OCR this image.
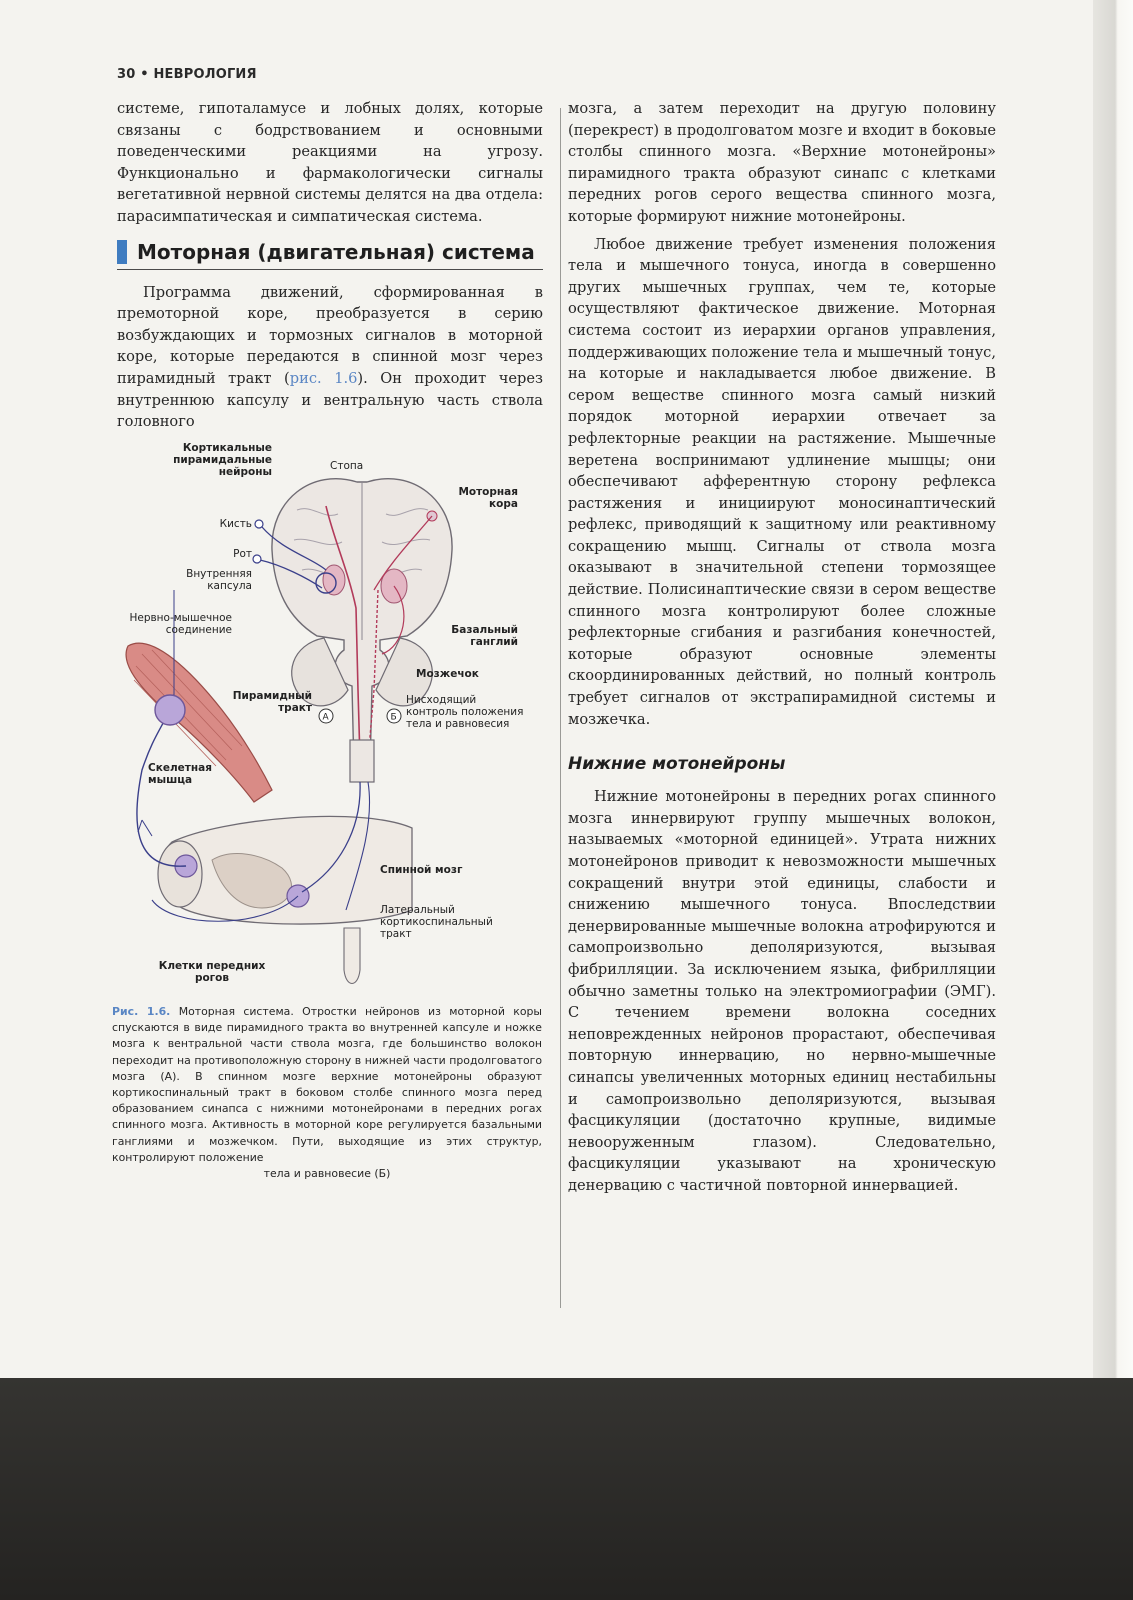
30 • НЕВРОЛОГИЯ

системе, гипоталамусе и лобных долях, которые связаны с бодрствованием и основными поведенческими реакциями на угрозу. Функционально и фармакологически сигналы вегетативной нервной системы делятся на два отдела: парасимпатическая и симпатическая система.

Моторная (двигательная) система

Программа движений, сформированная в премоторной коре, преобразуется в серию возбуждающих и тормозных сигналов в моторной коре, которые передаются в спинной мозг через пирамидный тракт (рис. 1.6). Он проходит через внутреннюю капсулу и вентральную часть ствола головного

А	Б
Кортикальные пирамидальные нейроны	Стопа
Моторная кора
Кисть
Рот
Внутренняя капсула
Нервно-мышечное соединение	Базальный ганглий
Мозжечок
Пирамидный тракт
Нисходящий контроль положения тела и равновесия
Скелетная мышца
Спинной мозг
Латеральный кортикоспинальный тракт
Клетки передних рогов
Рис. 1.6. Моторная система. Отростки нейронов из моторной коры спускаются в виде пирамидного тракта во внутренней капсуле и ножке мозга к вентральной части ствола мозга, где большинство волокон переходит на противоположную сторону в нижней части продолговатого мозга (А). В спинном мозге верхние мотонейроны образуют кортикоспинальный тракт в боковом столбе спинного мозга перед образованием синапса с нижними мотонейронами в передних рогах спинного мозга. Активность в моторной коре регулируется базальными ганглиями и мозжечком. Пути, выходящие из этих структур, контролируют положение
тела и равновесие (Б)

мозга, а затем переходит на другую половину (перекрест) в продолговатом мозге и входит в боковые столбы спинного мозга. «Верхние мотонейроны» пирамидного тракта образуют синапс с клетками передних рогов серого вещества спинного мозга, которые формируют нижние мотонейроны.

Любое движение требует изменения положения тела и мышечного тонуса, иногда в совершенно других мышечных группах, чем те, которые осуществляют фактическое движение. Моторная система состоит из иерархии органов управления, поддерживающих положение тела и мышечный тонус, на которые и накладывается любое движение. В сером веществе спинного мозга самый низкий порядок моторной иерархии отвечает за рефлекторные реакции на растяжение. Мышечные веретена воспринимают удлинение мышцы; они обеспечивают афферентную сторону рефлекса растяжения и инициируют моносинаптический рефлекс, приводящий к защитному или реактивному сокращению мышц. Сигналы от ствола мозга оказывают в значительной степени тормозящее действие. Полисинаптические связи в сером веществе спинного мозга контролируют более сложные рефлекторные сгибания и разгибания конечностей, которые образуют основные элементы скоординированных действий, но полный контроль требует сигналов от экстрапирамидной системы и мозжечка.

Нижние мотонейроны

Нижние мотонейроны в передних рогах спинного мозга иннервируют группу мышечных волокон, называемых «моторной единицей». Утрата нижних мотонейронов приводит к невозможности мышечных сокращений внутри этой единицы, слабости и снижению мышечного тонуса. Впоследствии денервированные мышечные волокна атрофируются и самопроизвольно деполяризуются, вызывая фибрилляции. За исключением языка, фибрилляции обычно заметны только на электромиографии (ЭМГ). С течением времени волокна соседних неповрежденных нейронов прорастают, обеспечивая повторную иннервацию, но нервно-мышечные синапсы увеличенных моторных единиц нестабильны и самопроизвольно деполяризуются, вызывая фасцикуляции (достаточно крупные, видимые невооруженным глазом). Следовательно, фасцикуляции указывают на хроническую денервацию с частичной повторной иннервацией.
